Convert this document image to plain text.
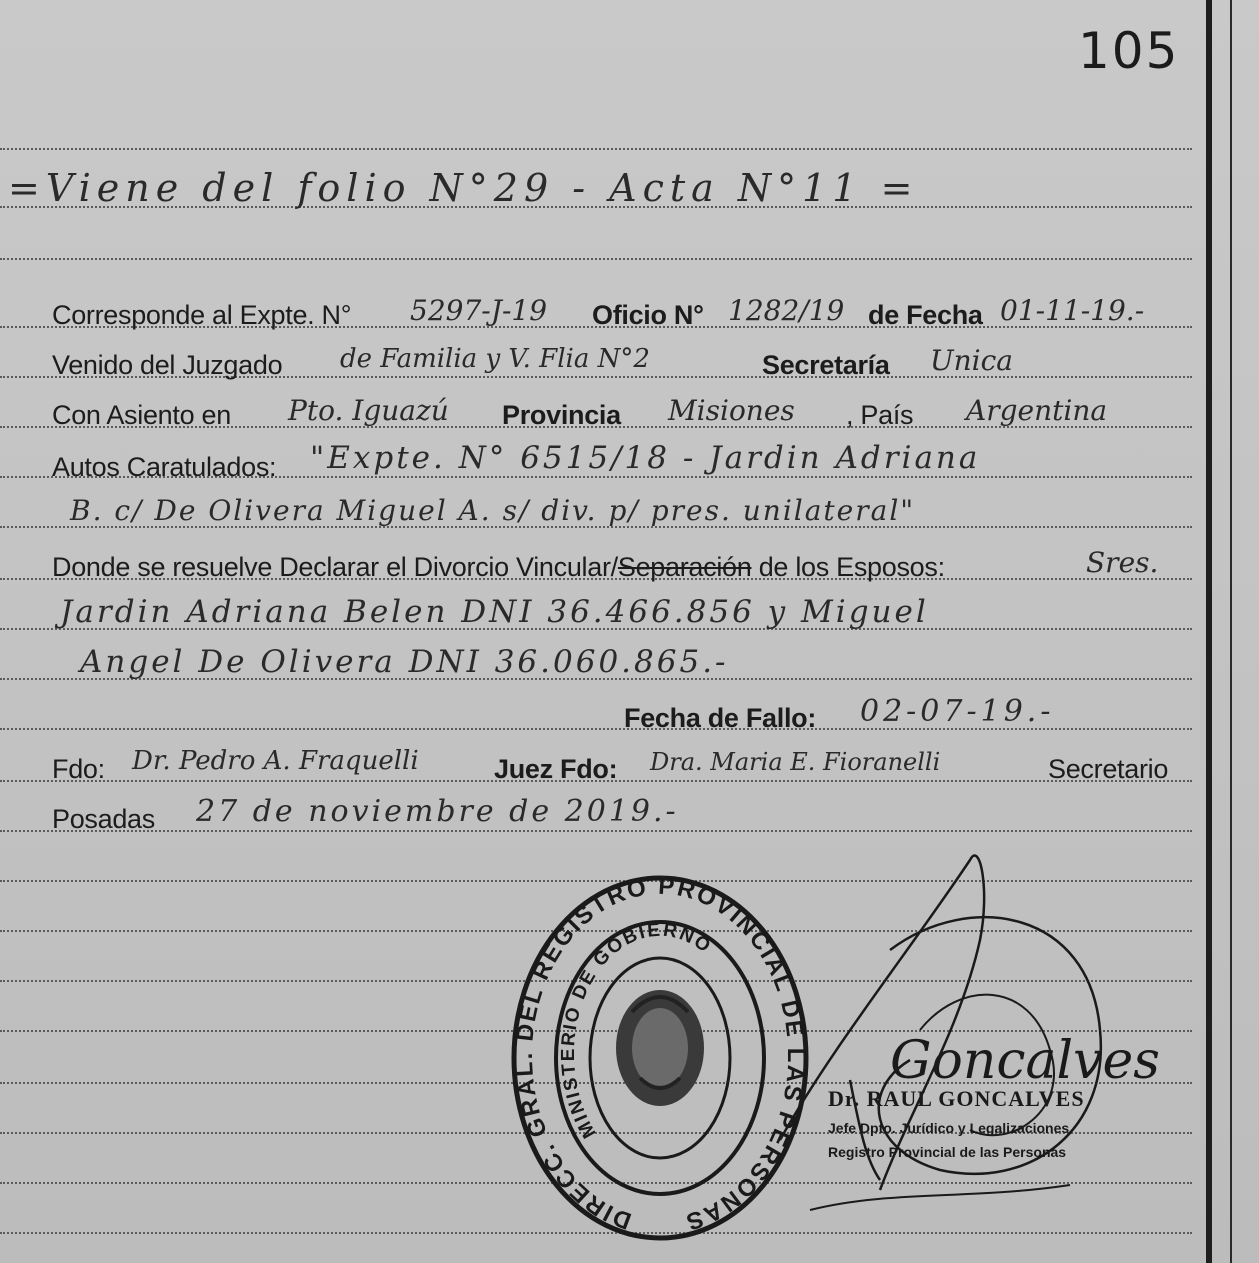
105
=Viene del folio N°29 - Acta N°11 =
Corresponde al Expte. N° 5297-J-19 Oficio N° 1282/19 de Fecha 01-11-19.-
Venido del Juzgado de Familia y V. Flia N°2	Secretaría Unica
Con Asiento en Pto. Iguazú Provincia Misiones , País Argentina
Autos Caratulados: "Expte. N° 6515/18 - Jardin Adriana
B. c/ De Olivera Miguel A. s/ div. p/ pres. unilateral"
Donde se resuelve Declarar el Divorcio Vincular/Separación de los Esposos:	Sres.
Jardin Adriana Belen DNI 36.466.856 y Miguel
Angel De Olivera DNI 36.060.865.-
Fecha de Fallo: 02-07-19.-
Fdo: Dr. Pedro A. Fraquelli	Juez Fdo: Dra. Maria E. Fioranelli	Secretario
Posadas 27 de noviembre de 2019.-
DIRECC. GRAL. DEL REGISTRO PROVINCIAL DE LAS PERSONAS
MINISTERIO DE GOBIERNO
Goncalves
Dr. RAUL GONCALVES
Jefe Dpto. Jurídico y Legalizaciones
Registro Provincial de las Personas
